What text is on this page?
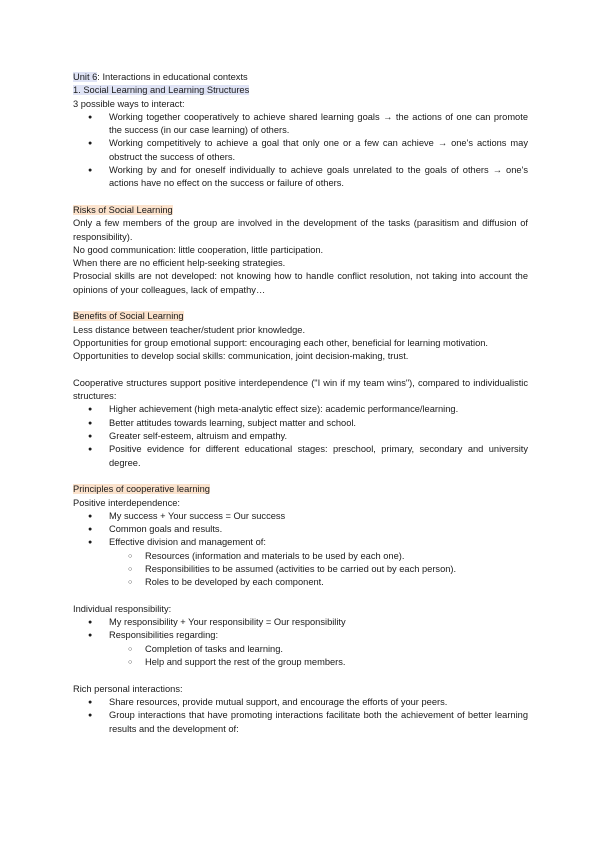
Unit 6: Interactions in educational contexts

1. Social Learning and Learning Structures

3 possible ways to interact:

● Working together cooperatively to achieve shared learning goals → the actions of one can promote the success (in our case learning) of others.
● Working competitively to achieve a goal that only one or a few can achieve → one's actions may obstruct the success of others.
● Working by and for oneself individually to achieve goals unrelated to the goals of others → one's actions have no effect on the success or failure of others.

Risks of Social Learning

Only a few members of the group are involved in the development of the tasks (parasitism and diffusion of responsibility).

No good communication: little cooperation, little participation.

When there are no efficient help-seeking strategies.

Prosocial skills are not developed: not knowing how to handle conflict resolution, not taking into account the opinions of your colleagues, lack of empathy…

Benefits of Social Learning

Less distance between teacher/student prior knowledge.

Opportunities for group emotional support: encouraging each other, beneficial for learning motivation.

Opportunities to develop social skills: communication, joint decision-making, trust.

Cooperative structures support positive interdependence ("I win if my team wins"), compared to individualistic structures:

● Higher achievement (high meta-analytic effect size): academic performance/learning.
● Better attitudes towards learning, subject matter and school.
● Greater self-esteem, altruism and empathy.
● Positive evidence for different educational stages: preschool, primary, secondary and university degree.

Principles of cooperative learning

Positive interdependence:

● My success + Your success = Our success
● Common goals and results.
● Effective division and management of:
○ Resources (information and materials to be used by each one).
○ Responsibilities to be assumed (activities to be carried out by each person).
○ Roles to be developed by each component.

Individual responsibility:

● My responsibility + Your responsibility = Our responsibility
● Responsibilities regarding:
○ Completion of tasks and learning.
○ Help and support the rest of the group members.

Rich personal interactions:

● Share resources, provide mutual support, and encourage the efforts of your peers.
● Group interactions that have promoting interactions facilitate both the achievement of better learning results and the development of:
